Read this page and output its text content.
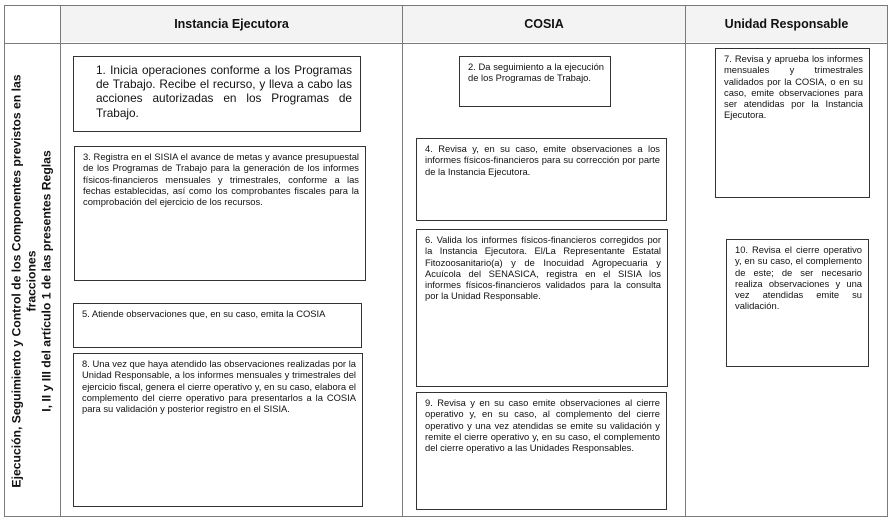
Instancia Ejecutora	COSIA	Unidad Responsable
Ejecución, Seguimiento y Control de los Componentes previstos en las fracciones I, II y III del artículo 1 de las presentes Reglas
1. Inicia operaciones conforme a los Programas de Trabajo. Recibe el recurso, y lleva a cabo las acciones autorizadas en los Programas de Trabajo.
2. Da seguimiento a la ejecución de los Programas de Trabajo.
7. Revisa y aprueba los informes mensuales y trimestrales validados por la COSIA, o en su caso, emite observaciones para ser atendidas por la Instancia Ejecutora.
3. Registra en el SISIA el avance de metas y avance presupuestal de los Programas de Trabajo para la generación de los informes físicos-financieros mensuales y trimestrales, conforme a las fechas establecidas, así como los comprobantes fiscales para la comprobación del ejercicio de los recursos.
4. Revisa y, en su caso, emite observaciones a los informes físicos-financieros para su corrección por parte de la Instancia Ejecutora.
6. Valida los informes físicos-financieros corregidos por la Instancia Ejecutora. El/La Representante Estatal Fitozoosanitario(a) y de Inocuidad Agropecuaria y Acuícola del SENASICA, registra en el SISIA los informes físicos-financieros validados para la consulta por la Unidad Responsable.
10. Revisa el cierre operativo y, en su caso, el complemento de este; de ser necesario realiza observaciones y una vez atendidas emite su validación.
5. Atiende observaciones que, en su caso, emita la COSIA
8. Una vez que haya atendido las observaciones realizadas por la Unidad Responsable, a los informes mensuales y trimestrales del ejercicio fiscal, genera el cierre operativo y, en su caso, elabora el complemento del cierre operativo para presentarlos a la COSIA para su validación y posterior registro en el SISIA.
9. Revisa y en su caso emite observaciones al cierre operativo y, en su caso, al complemento del cierre operativo y una vez atendidas se emite su validación y remite el cierre operativo y, en su caso, el complemento del cierre operativo a las Unidades Responsables.
